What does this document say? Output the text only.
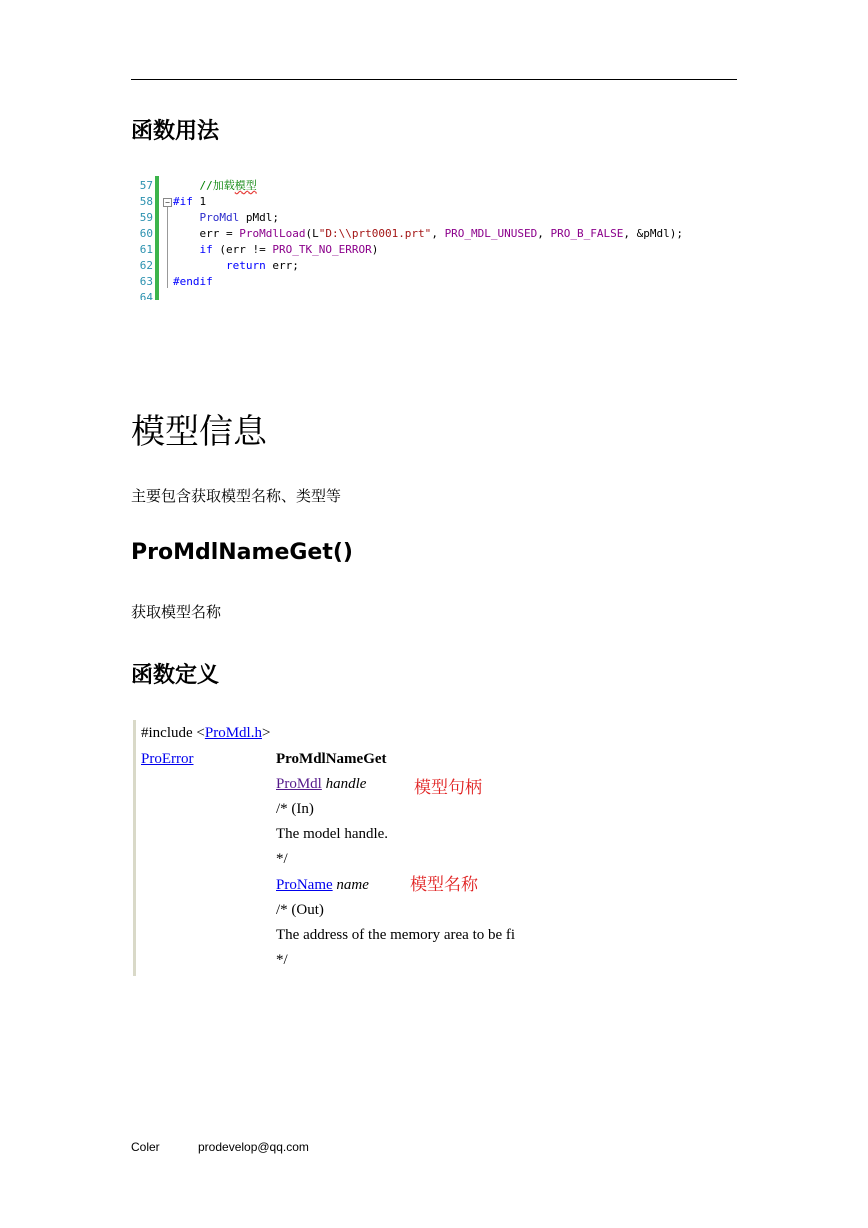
函数用法
57	//加载模型
58 − #if 1
59	ProMdl pMdl;
60 err = ProMdlLoad(L"D:\\prt0001.prt", PRO_MDL_UNUSED, PRO_B_FALSE, &pMdl);
61	if (err != PRO_TK_NO_ERROR)
62	return err;
63 #endif
64
模型信息
主要包含获取模型名称、类型等
ProMdlNameGet()
获取模型名称
函数定义
#include <ProMdl.h>
ProError	ProMdlNameGet
ProMdl handle	模型句柄
/* (In)
The model handle.
*/
ProName name 模型名称
/* (Out)
The address of the memory area to be fi
*/
Coler	prodevelop@qq.com
